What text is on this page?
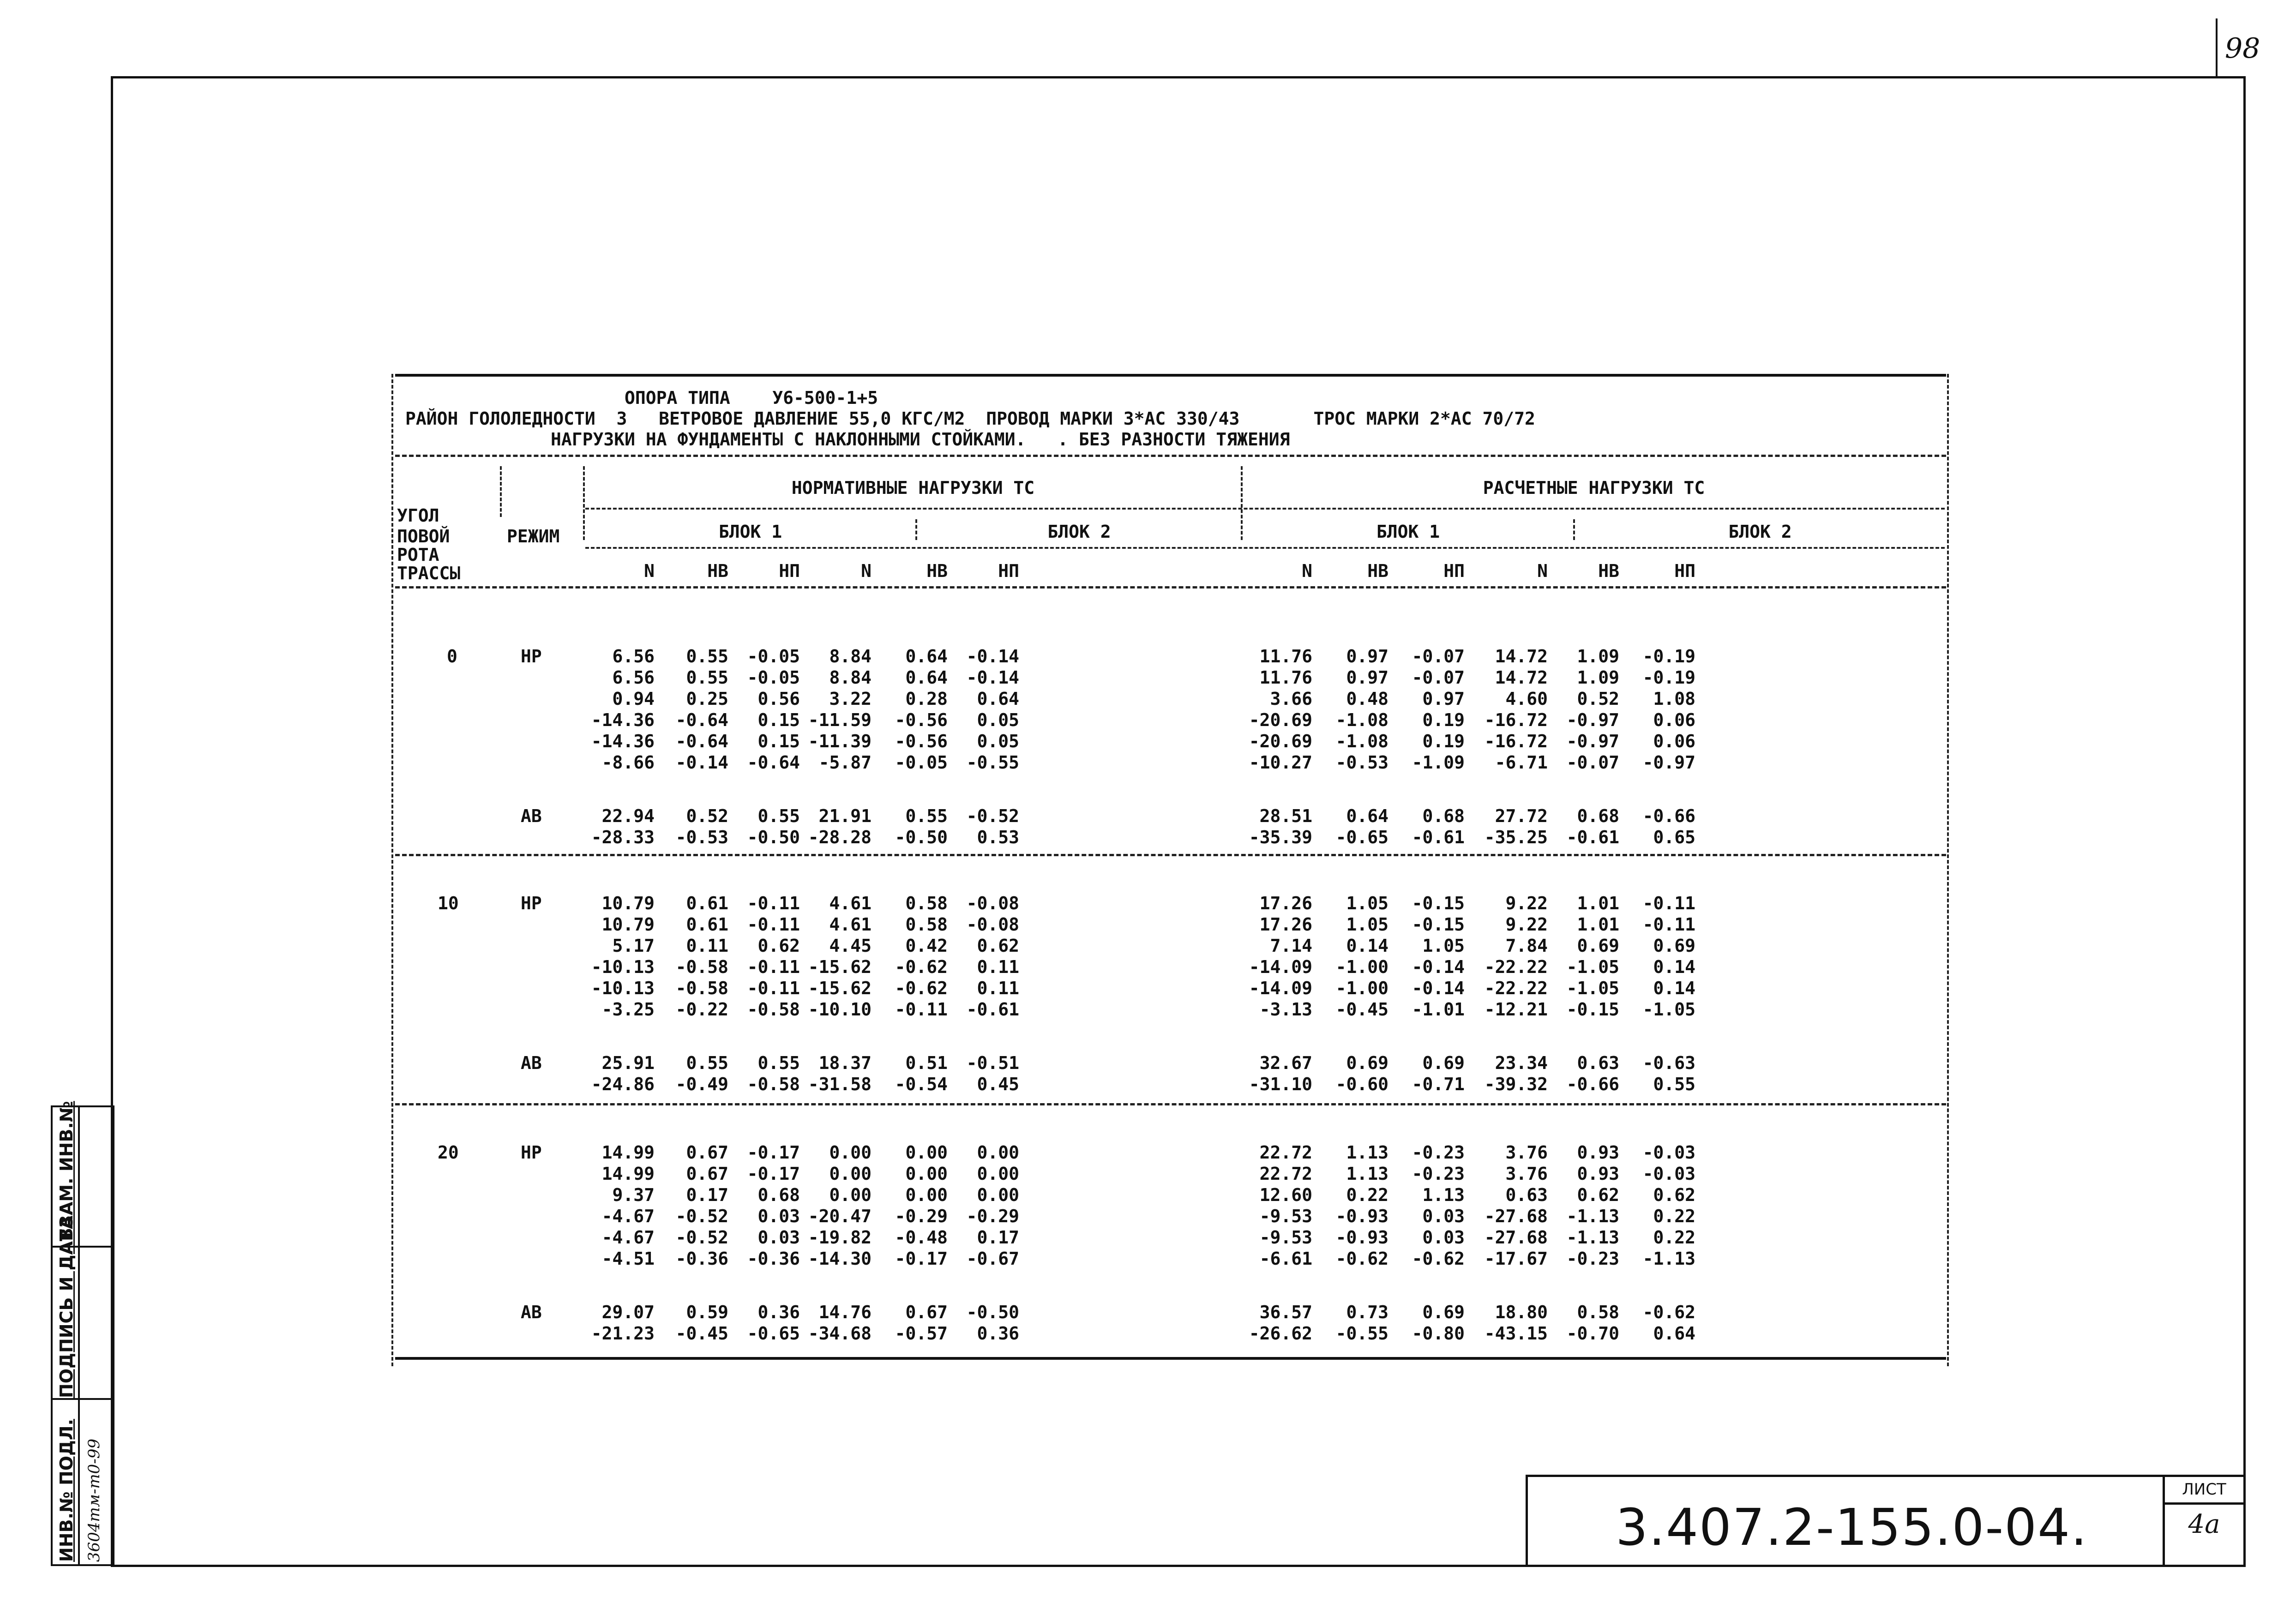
98
ИНВ.№ ПОДЛ.
ПОДПИСЬ И ДАТА
ВЗАМ. ИНВ.№
3604тм-т0-99	3.407.2-155.0-04.
ЛИСТ
4а
ОПОРА ТИПА    У6-500-1+5
РАЙОН ГОЛОЛЕДНОСТИ  3   ВЕТРОВОЕ ДАВЛЕНИЕ 55,0 КГС/М2  ПРОВОД МАРКИ 3*АС 330/43       ТРОС МАРКИ 2*АС 70/72
НАГРУЗКИ НА ФУНДАМЕНТЫ С НАКЛОННЫМИ СТОЙКАМИ.   . БЕЗ РАЗНОСТИ ТЯЖЕНИЯ
УГОЛ
ПОВОЙ
РОТА
ТРАССЫ
РЕЖИМ
НОРМАТИВНЫЕ НАГРУЗКИ ТС	РАСЧЕТНЫЕ НАГРУЗКИ ТС
БЛОК 1	БЛОК 2	БЛОК 1	БЛОК 2
N	НВ	НП	N	НВ	НП	N	НВ	НП	N	НВ	НП
0	НР	6.56	0.55	-0.05	8.84	0.64	-0.14	11.76	0.97	-0.07	14.72	1.09	-0.19
6.56	0.55	-0.05	8.84	0.64	-0.14	11.76	0.97	-0.07	14.72	1.09	-0.19
0.94	0.25	0.56	3.22	0.28	0.64	3.66	0.48	0.97	4.60	0.52	1.08
-14.36	-0.64	0.15 -11.59	-0.56	0.05	-20.69	-1.08	0.19	-16.72	-0.97	0.06
-14.36	-0.64	0.15 -11.39	-0.56	0.05	-20.69	-1.08	0.19	-16.72	-0.97	0.06
-8.66	-0.14	-0.64	-5.87	-0.05	-0.55	-10.27	-0.53	-1.09	-6.71	-0.07	-0.97
АВ	22.94	0.52	0.55	21.91	0.55	-0.52	28.51	0.64	0.68	27.72	0.68	-0.66
-28.33	-0.53	-0.50 -28.28	-0.50	0.53	-35.39	-0.65	-0.61	-35.25	-0.61	0.65
10	НР	10.79	0.61	-0.11	4.61	0.58	-0.08	17.26	1.05	-0.15	9.22	1.01	-0.11
10.79	0.61	-0.11	4.61	0.58	-0.08	17.26	1.05	-0.15	9.22	1.01	-0.11
5.17	0.11	0.62	4.45	0.42	0.62	7.14	0.14	1.05	7.84	0.69	0.69
-10.13	-0.58	-0.11 -15.62	-0.62	0.11	-14.09	-1.00	-0.14	-22.22	-1.05	0.14
-10.13	-0.58	-0.11 -15.62	-0.62	0.11	-14.09	-1.00	-0.14	-22.22	-1.05	0.14
-3.25	-0.22	-0.58 -10.10	-0.11	-0.61	-3.13	-0.45	-1.01	-12.21	-0.15	-1.05
АВ	25.91	0.55	0.55	18.37	0.51	-0.51	32.67	0.69	0.69	23.34	0.63	-0.63
-24.86	-0.49	-0.58 -31.58	-0.54	0.45	-31.10	-0.60	-0.71	-39.32	-0.66	0.55
20	НР	14.99	0.67	-0.17	0.00	0.00	0.00	22.72	1.13	-0.23	3.76	0.93	-0.03
14.99	0.67	-0.17	0.00	0.00	0.00	22.72	1.13	-0.23	3.76	0.93	-0.03
9.37	0.17	0.68	0.00	0.00	0.00	12.60	0.22	1.13	0.63	0.62	0.62
-4.67	-0.52	0.03 -20.47	-0.29	-0.29	-9.53	-0.93	0.03	-27.68	-1.13	0.22
-4.67	-0.52	0.03 -19.82	-0.48	0.17	-9.53	-0.93	0.03	-27.68	-1.13	0.22
-4.51	-0.36	-0.36 -14.30	-0.17	-0.67	-6.61	-0.62	-0.62	-17.67	-0.23	-1.13
АВ	29.07	0.59	0.36	14.76	0.67	-0.50	36.57	0.73	0.69	18.80	0.58	-0.62
-21.23	-0.45	-0.65 -34.68	-0.57	0.36	-26.62	-0.55	-0.80	-43.15	-0.70	0.64
